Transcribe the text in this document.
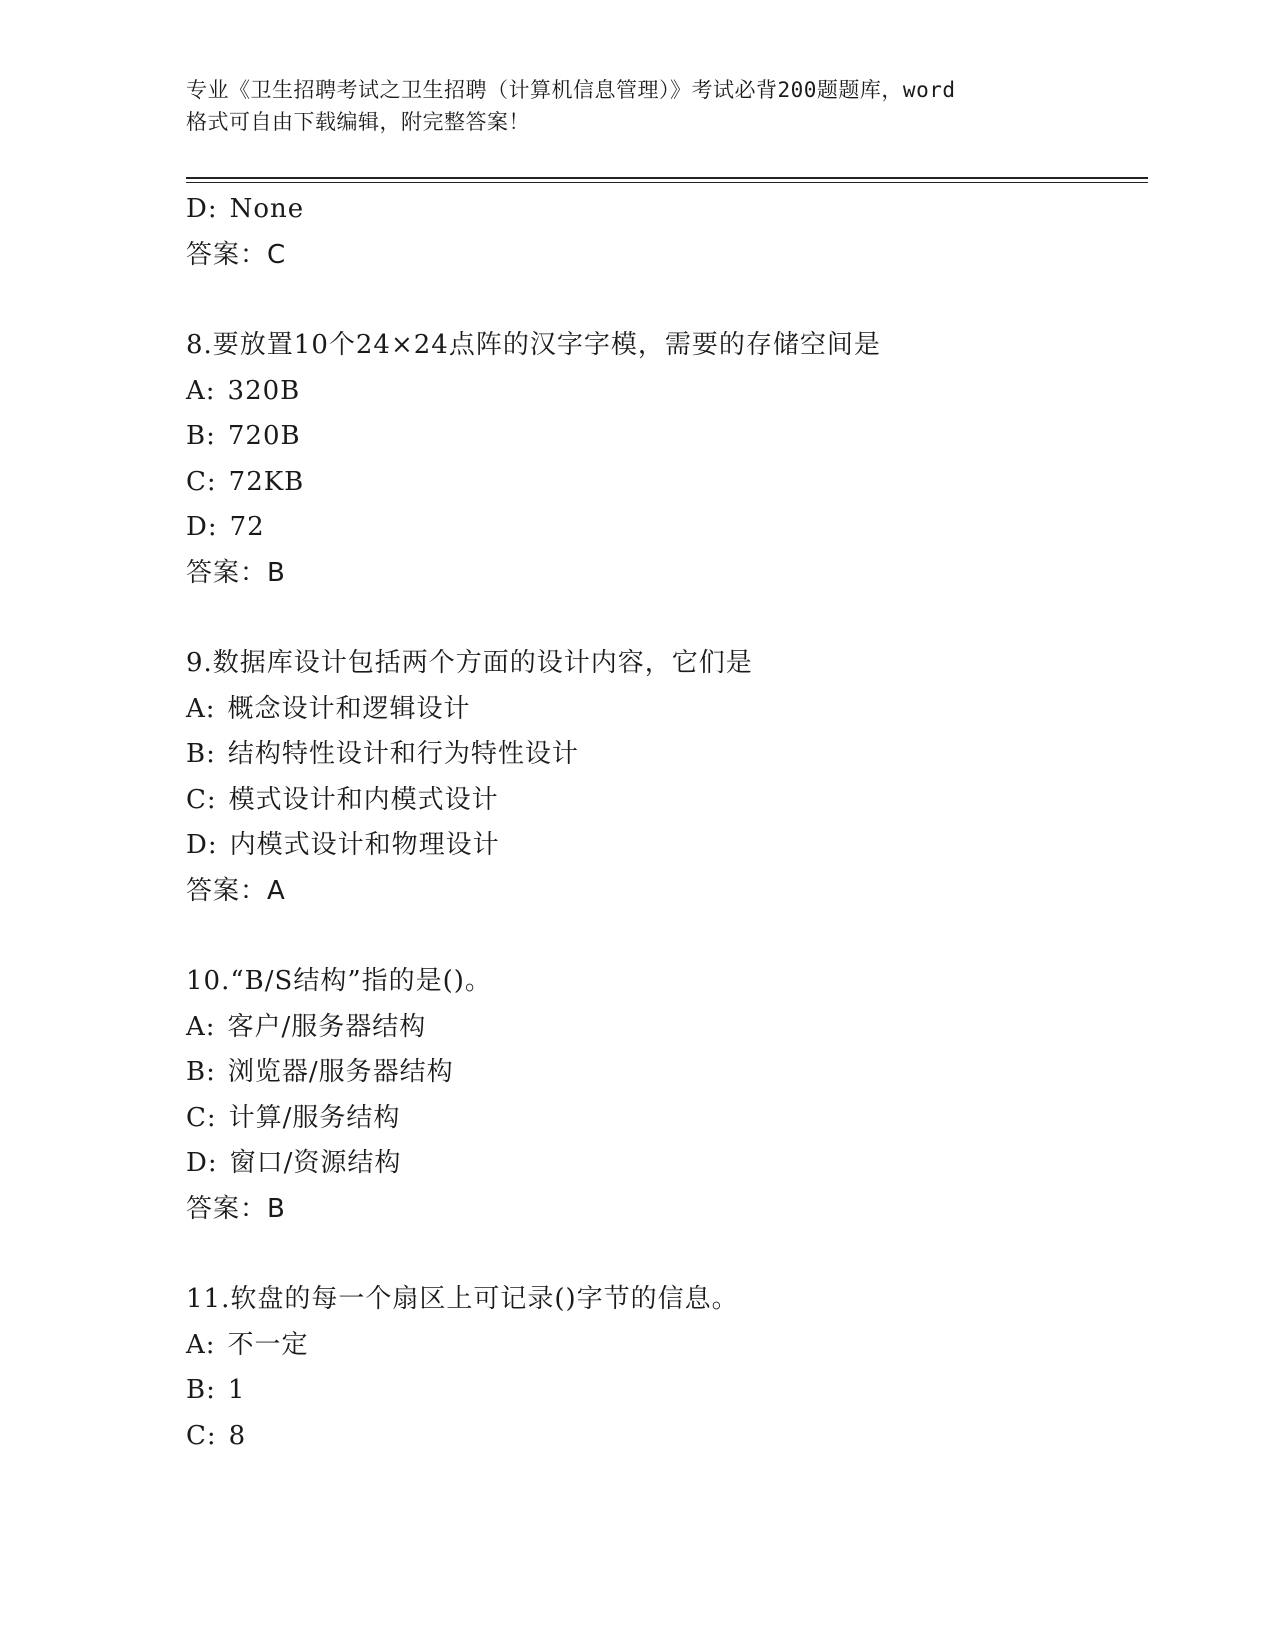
专业《卫生招聘考试之卫生招聘（计算机信息管理）》考试必背200题题库，word
格式可自由下载编辑，附完整答案！
D: None
答案：C
8.要放置10个24×24点阵的汉字字模，需要的存储空间是
A: 320B
B: 720B
C: 72KB
D: 72
答案：B
9.数据库设计包括两个方面的设计内容，它们是
A: 概念设计和逻辑设计
B: 结构特性设计和行为特性设计
C: 模式设计和内模式设计
D: 内模式设计和物理设计
答案：A
10.“B/S结构”指的是()。
A: 客户/服务器结构
B: 浏览器/服务器结构
C: 计算/服务结构
D: 窗口/资源结构
答案：B
11.软盘的每一个扇区上可记录()字节的信息。
A: 不一定
B: 1
C: 8
